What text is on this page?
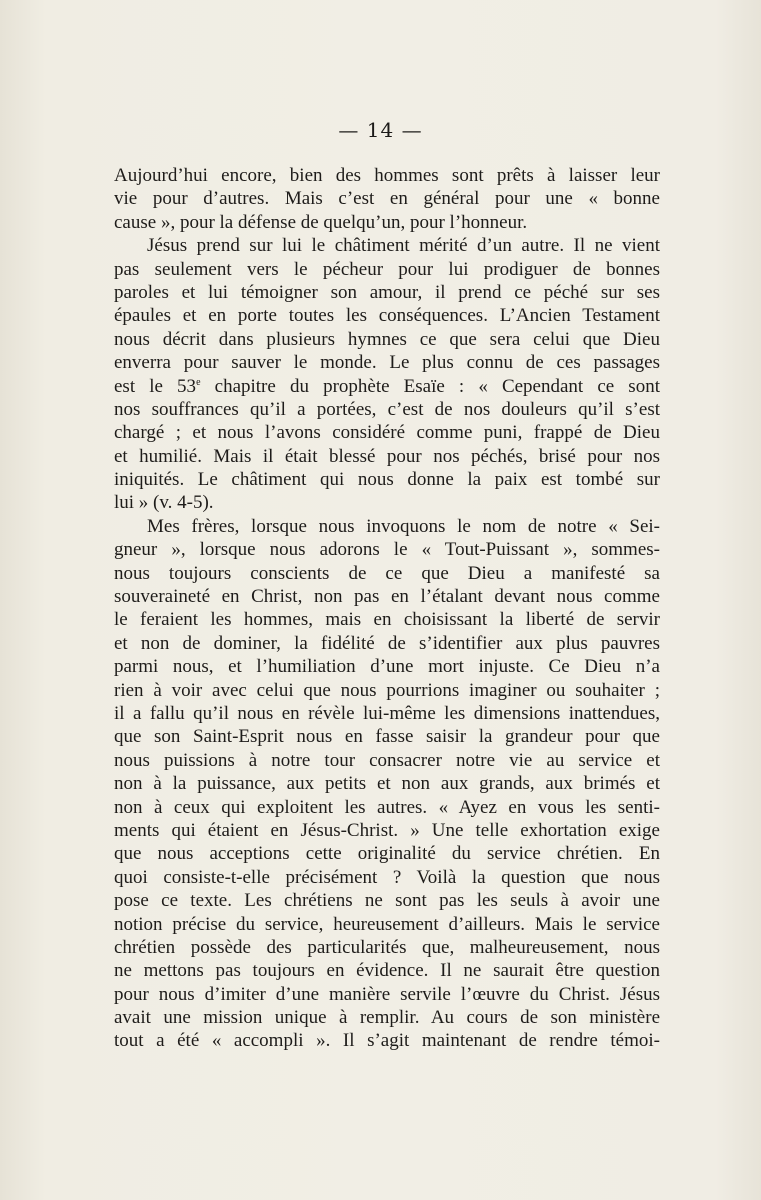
— 14 —
Aujourd’hui encore, bien des hommes sont prêts à laisser leur
vie pour d’autres. Mais c’est en général pour une « bonne
cause », pour la défense de quelqu’un, pour l’honneur.
Jésus prend sur lui le châtiment mérité d’un autre. Il ne vient
pas seulement vers le pécheur pour lui prodiguer de bonnes
paroles et lui témoigner son amour, il prend ce péché sur ses
épaules et en porte toutes les conséquences. L’Ancien Testament
nous décrit dans plusieurs hymnes ce que sera celui que Dieu
enverra pour sauver le monde. Le plus connu de ces passages
est le 53e chapitre du prophète Esaïe : « Cependant ce sont
nos souffrances qu’il a portées, c’est de nos douleurs qu’il s’est
chargé ; et nous l’avons considéré comme puni, frappé de Dieu
et humilié. Mais il était blessé pour nos péchés, brisé pour nos
iniquités. Le châtiment qui nous donne la paix est tombé sur
lui » (v. 4-5).
Mes frères, lorsque nous invoquons le nom de notre « Sei-
gneur », lorsque nous adorons le « Tout-Puissant », sommes-
nous toujours conscients de ce que Dieu a manifesté sa
souveraineté en Christ, non pas en l’étalant devant nous comme
le feraient les hommes, mais en choisissant la liberté de servir
et non de dominer, la fidélité de s’identifier aux plus pauvres
parmi nous, et l’humiliation d’une mort injuste. Ce Dieu n’a
rien à voir avec celui que nous pourrions imaginer ou souhaiter ;
il a fallu qu’il nous en révèle lui-même les dimensions inattendues,
que son Saint-Esprit nous en fasse saisir la grandeur pour que
nous puissions à notre tour consacrer notre vie au service et
non à la puissance, aux petits et non aux grands, aux brimés et
non à ceux qui exploitent les autres. « Ayez en vous les senti-
ments qui étaient en Jésus-Christ. » Une telle exhortation exige
que nous acceptions cette originalité du service chrétien. En
quoi consiste-t-elle précisément ? Voilà la question que nous
pose ce texte. Les chrétiens ne sont pas les seuls à avoir une
notion précise du service, heureusement d’ailleurs. Mais le service
chrétien possède des particularités que, malheureusement, nous
ne mettons pas toujours en évidence. Il ne saurait être question
pour nous d’imiter d’une manière servile l’œuvre du Christ. Jésus
avait une mission unique à remplir. Au cours de son ministère
tout a été « accompli ». Il s’agit maintenant de rendre témoi-
